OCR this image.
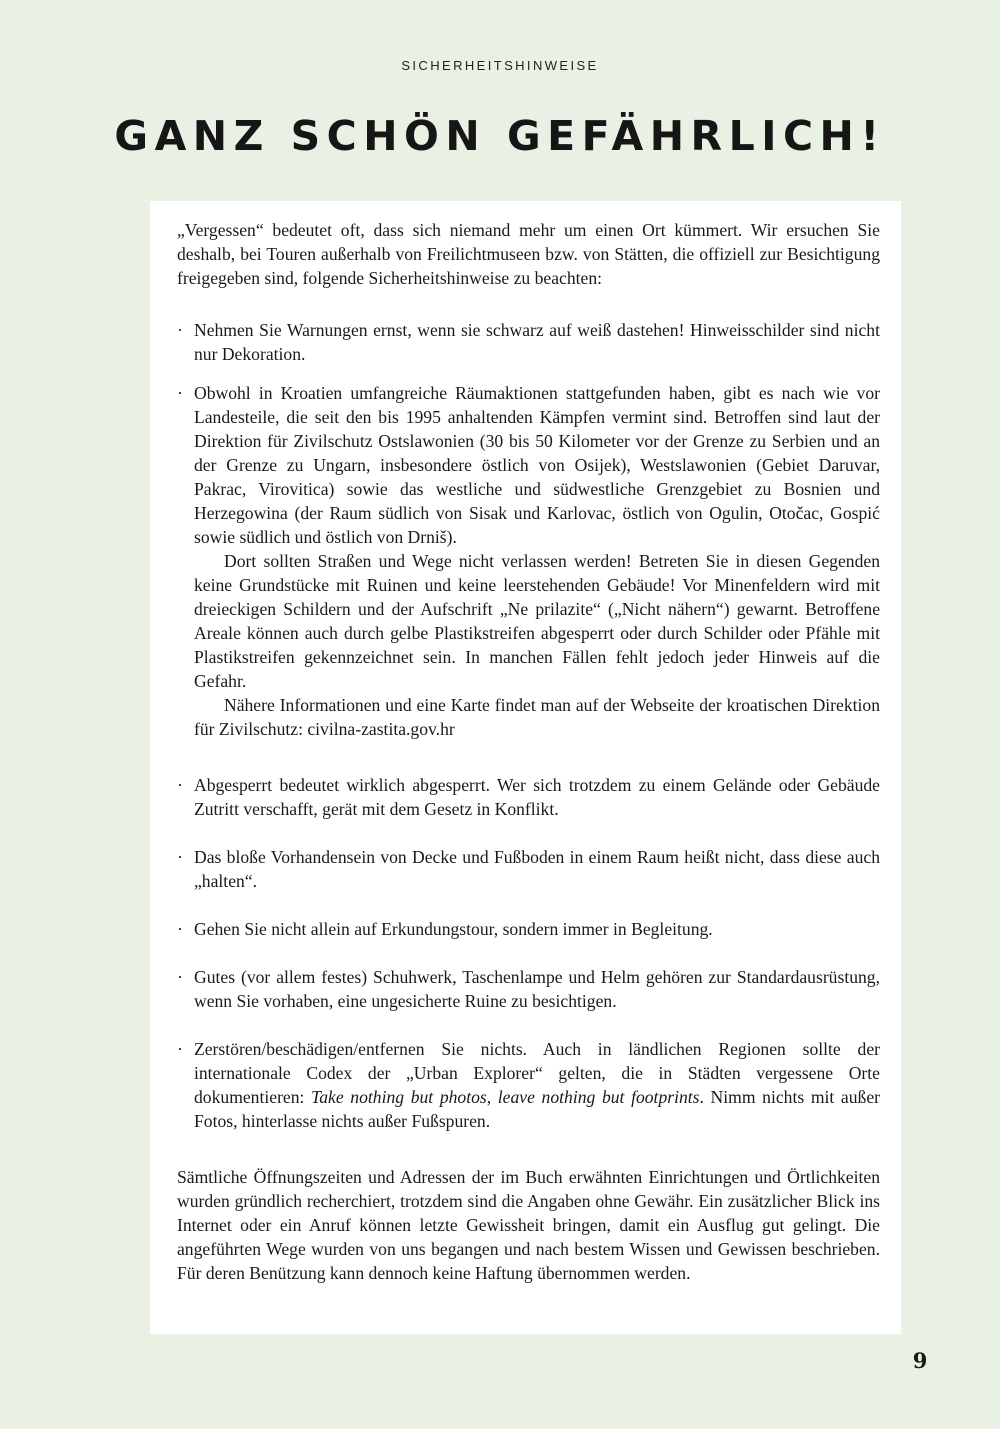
SICHERHEITSHINWEISE
GANZ SCHÖN GEFÄHRLICH!

„Vergessen“ bedeutet oft, dass sich niemand mehr um einen Ort kümmert. Wir ersuchen Sie deshalb, bei Touren außerhalb von Freilichtmuseen bzw. von Stätten, die offiziell zur Besichtigung freigegeben sind, folgende Sicherheitshinweise zu beachten:

· Nehmen Sie Warnungen ernst, wenn sie schwarz auf weiß dastehen! Hinweisschilder sind nicht nur Dekoration.

· Obwohl in Kroatien umfangreiche Räumaktionen stattgefunden haben, gibt es nach wie vor Landesteile, die seit den bis 1995 anhaltenden Kämpfen vermint sind. Betroffen sind laut der Direktion für Zivilschutz Ostslawonien (30 bis 50 Kilometer vor der Grenze zu Serbien und an der Grenze zu Ungarn, insbesondere östlich von Osijek), Westslawonien (Gebiet Daruvar, Pakrac, Virovitica) sowie das westliche und südwestliche Grenzgebiet zu Bosnien und Herzegowina (der Raum südlich von Sisak und Karlovac, östlich von Ogulin, Otočac, Gospić sowie südlich und östlich von Drniš).

Dort sollten Straßen und Wege nicht verlassen werden! Betreten Sie in diesen Gegenden keine Grundstücke mit Ruinen und keine leerstehenden Gebäude! Vor Minenfeldern wird mit dreieckigen Schildern und der Aufschrift „Ne prilazite“ („Nicht nähern“) gewarnt. Betroffene Areale können auch durch gelbe Plastikstreifen abgesperrt oder durch Schilder oder Pfähle mit Plastikstreifen gekennzeichnet sein. In manchen Fällen fehlt jedoch jeder Hinweis auf die Gefahr.

Nähere Informationen und eine Karte findet man auf der Webseite der kroatischen Direktion für Zivilschutz: civilna-zastita.gov.hr

· Abgesperrt bedeutet wirklich abgesperrt. Wer sich trotzdem zu einem Gelände oder Gebäude Zutritt verschafft, gerät mit dem Gesetz in Konflikt.

· Das bloße Vorhandensein von Decke und Fußboden in einem Raum heißt nicht, dass diese auch „halten“.

· Gehen Sie nicht allein auf Erkundungstour, sondern immer in Begleitung.

· Gutes (vor allem festes) Schuhwerk, Taschenlampe und Helm gehören zur Standardausrüstung, wenn Sie vorhaben, eine ungesicherte Ruine zu besichtigen.

· Zerstören/beschädigen/entfernen Sie nichts. Auch in ländlichen Regionen sollte der internationale Codex der „Urban Explorer“ gelten, die in Städten vergessene Orte dokumentieren: Take nothing but photos, leave nothing but footprints. Nimm nichts mit außer Fotos, hinterlasse nichts außer Fußspuren.

Sämtliche Öffnungszeiten und Adressen der im Buch erwähnten Einrichtungen und Örtlichkeiten wurden gründlich recherchiert, trotzdem sind die Angaben ohne Gewähr. Ein zusätzlicher Blick ins Internet oder ein Anruf können letzte Gewissheit bringen, damit ein Ausflug gut gelingt. Die angeführten Wege wurden von uns begangen und nach bestem Wissen und Gewissen beschrieben. Für deren Benützung kann dennoch keine Haftung übernommen werden.

9
